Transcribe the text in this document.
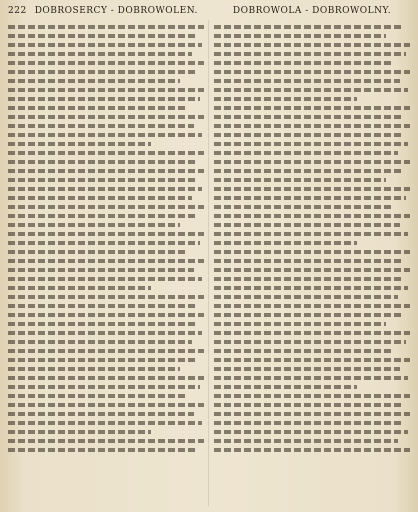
222 DOBROSERCY - DOBROWOLEN.	DOBROWOLA - DOBROWOLNY.
